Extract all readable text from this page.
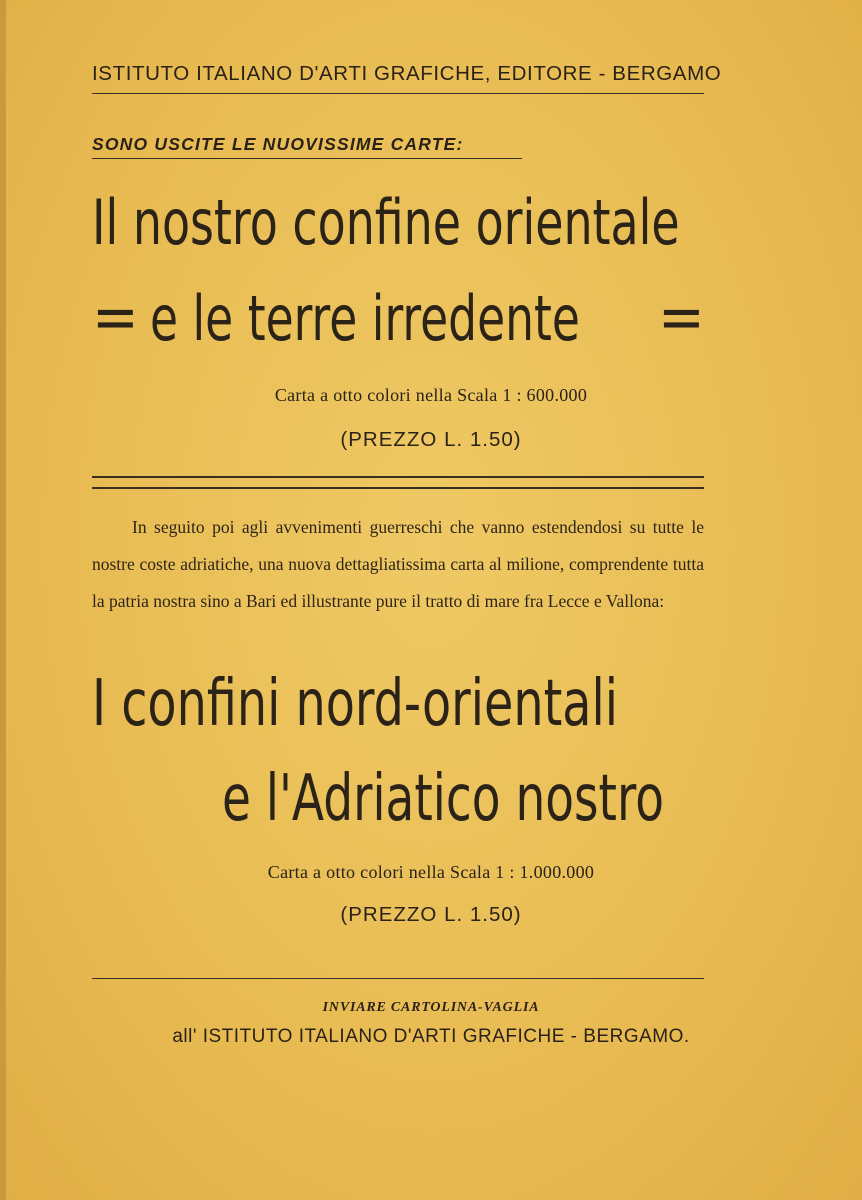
ISTITUTO ITALIANO D'ARTI GRAFICHE, EDITORE - BERGAMO
SONO USCITE LE NUOVISSIME CARTE:
Il nostro confine orientale
= e le terre irredente =
Carta a otto colori nella Scala 1 : 600.000
(PREZZO L. 1.50)
In seguito poi agli avvenimenti guerreschi che vanno estendendosi su tutte le nostre coste adriatiche, una nuova dettagliatissima carta al milione, comprendente tutta la patria nostra sino a Bari ed illustrante pure il tratto di mare fra Lecce e Vallona:
I confini nord-orientali
e l'Adriatico nostro
Carta a otto colori nella Scala 1 : 1.000.000
(PREZZO L. 1.50)
INVIARE CARTOLINA-VAGLIA
all' ISTITUTO ITALIANO D'ARTI GRAFICHE - BERGAMO.
